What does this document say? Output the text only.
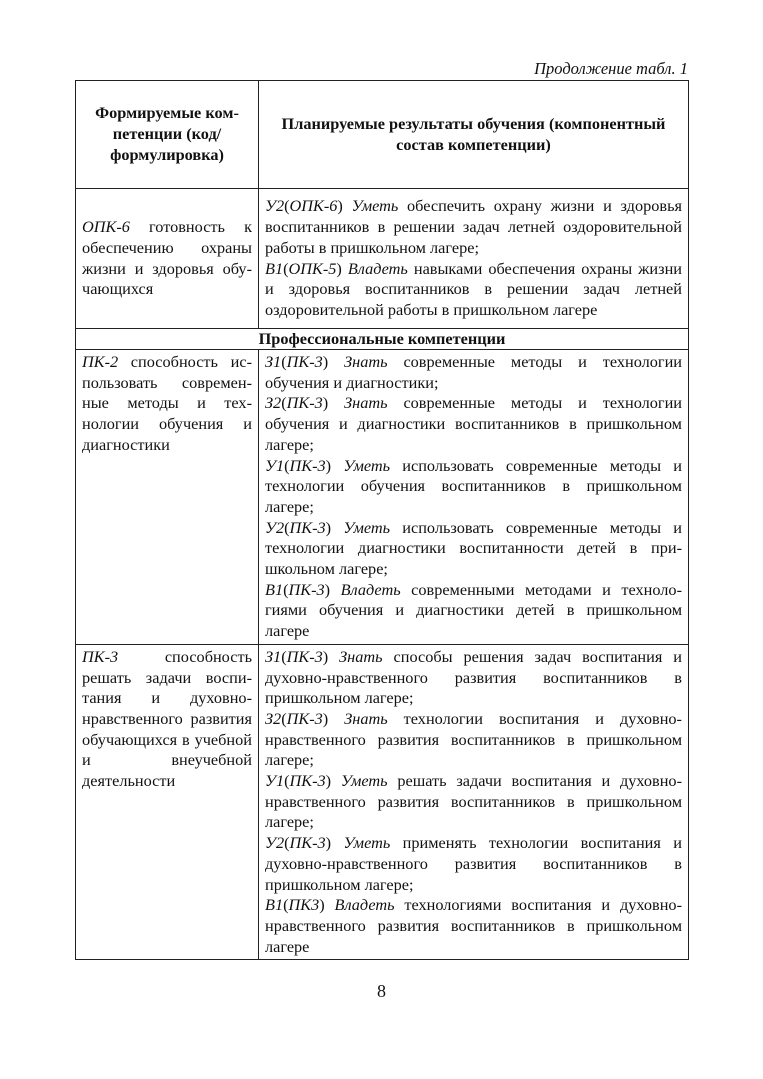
Продолжение табл. 1
Формируемые компетенции (код/формулировка)	Планируемые результаты обучения (компонентный состав компетенции)
ОПК-6 готовность к обеспечению охраны жизни и здоровья обучающихся	У2(ОПК-6) Уметь обеспечить охрану жизни и здоровья воспитанников в решении задач летней оздоровительной работы в пришкольном лагере;

В1(ОПК-5) Владеть навыками обеспечения охраны жизни и здоровья воспитанников в решении задач летней оздоровительной работы в пришкольном лагере

Профессиональные компетенции	
ПК-2 способность использовать современные методы и технологии обучения и диагностики	З1(ПК-3) Знать современные методы и технологии обучения и диагностики;

З2(ПК-3) Знать современные методы и технологии обучения и диагностики воспитанников в пришкольном лагере;

У1(ПК-3) Уметь использовать современные методы и технологии обучения воспитанников в пришкольном лагере;

У2(ПК-3) Уметь использовать современные методы и технологии диагностики воспитанности детей в пришкольном лагере;

В1(ПК-3) Владеть современными методами и технологиями обучения и диагностики детей в пришкольном лагере

ПК-3 способность решать задачи воспитания и духовно-нравственного развития обучающихся в учебной и внеучебной деятельности	З1(ПК-3) Знать способы решения задач воспитания и духовно-нравственного развития воспитанников в пришкольном лагере;

З2(ПК-3) Знать технологии воспитания и духовно-нравственного развития воспитанников в пришкольном лагере;

У1(ПК-3) Уметь решать задачи воспитания и духовно-нравственного развития воспитанников в пришкольном лагере;

У2(ПК-3) Уметь применять технологии воспитания и духовно-нравственного развития воспитанников в пришкольном лагере;

В1(ПК3) Владеть технологиями воспитания и духовно-нравственного развития воспитанников в пришкольном лагере

8
